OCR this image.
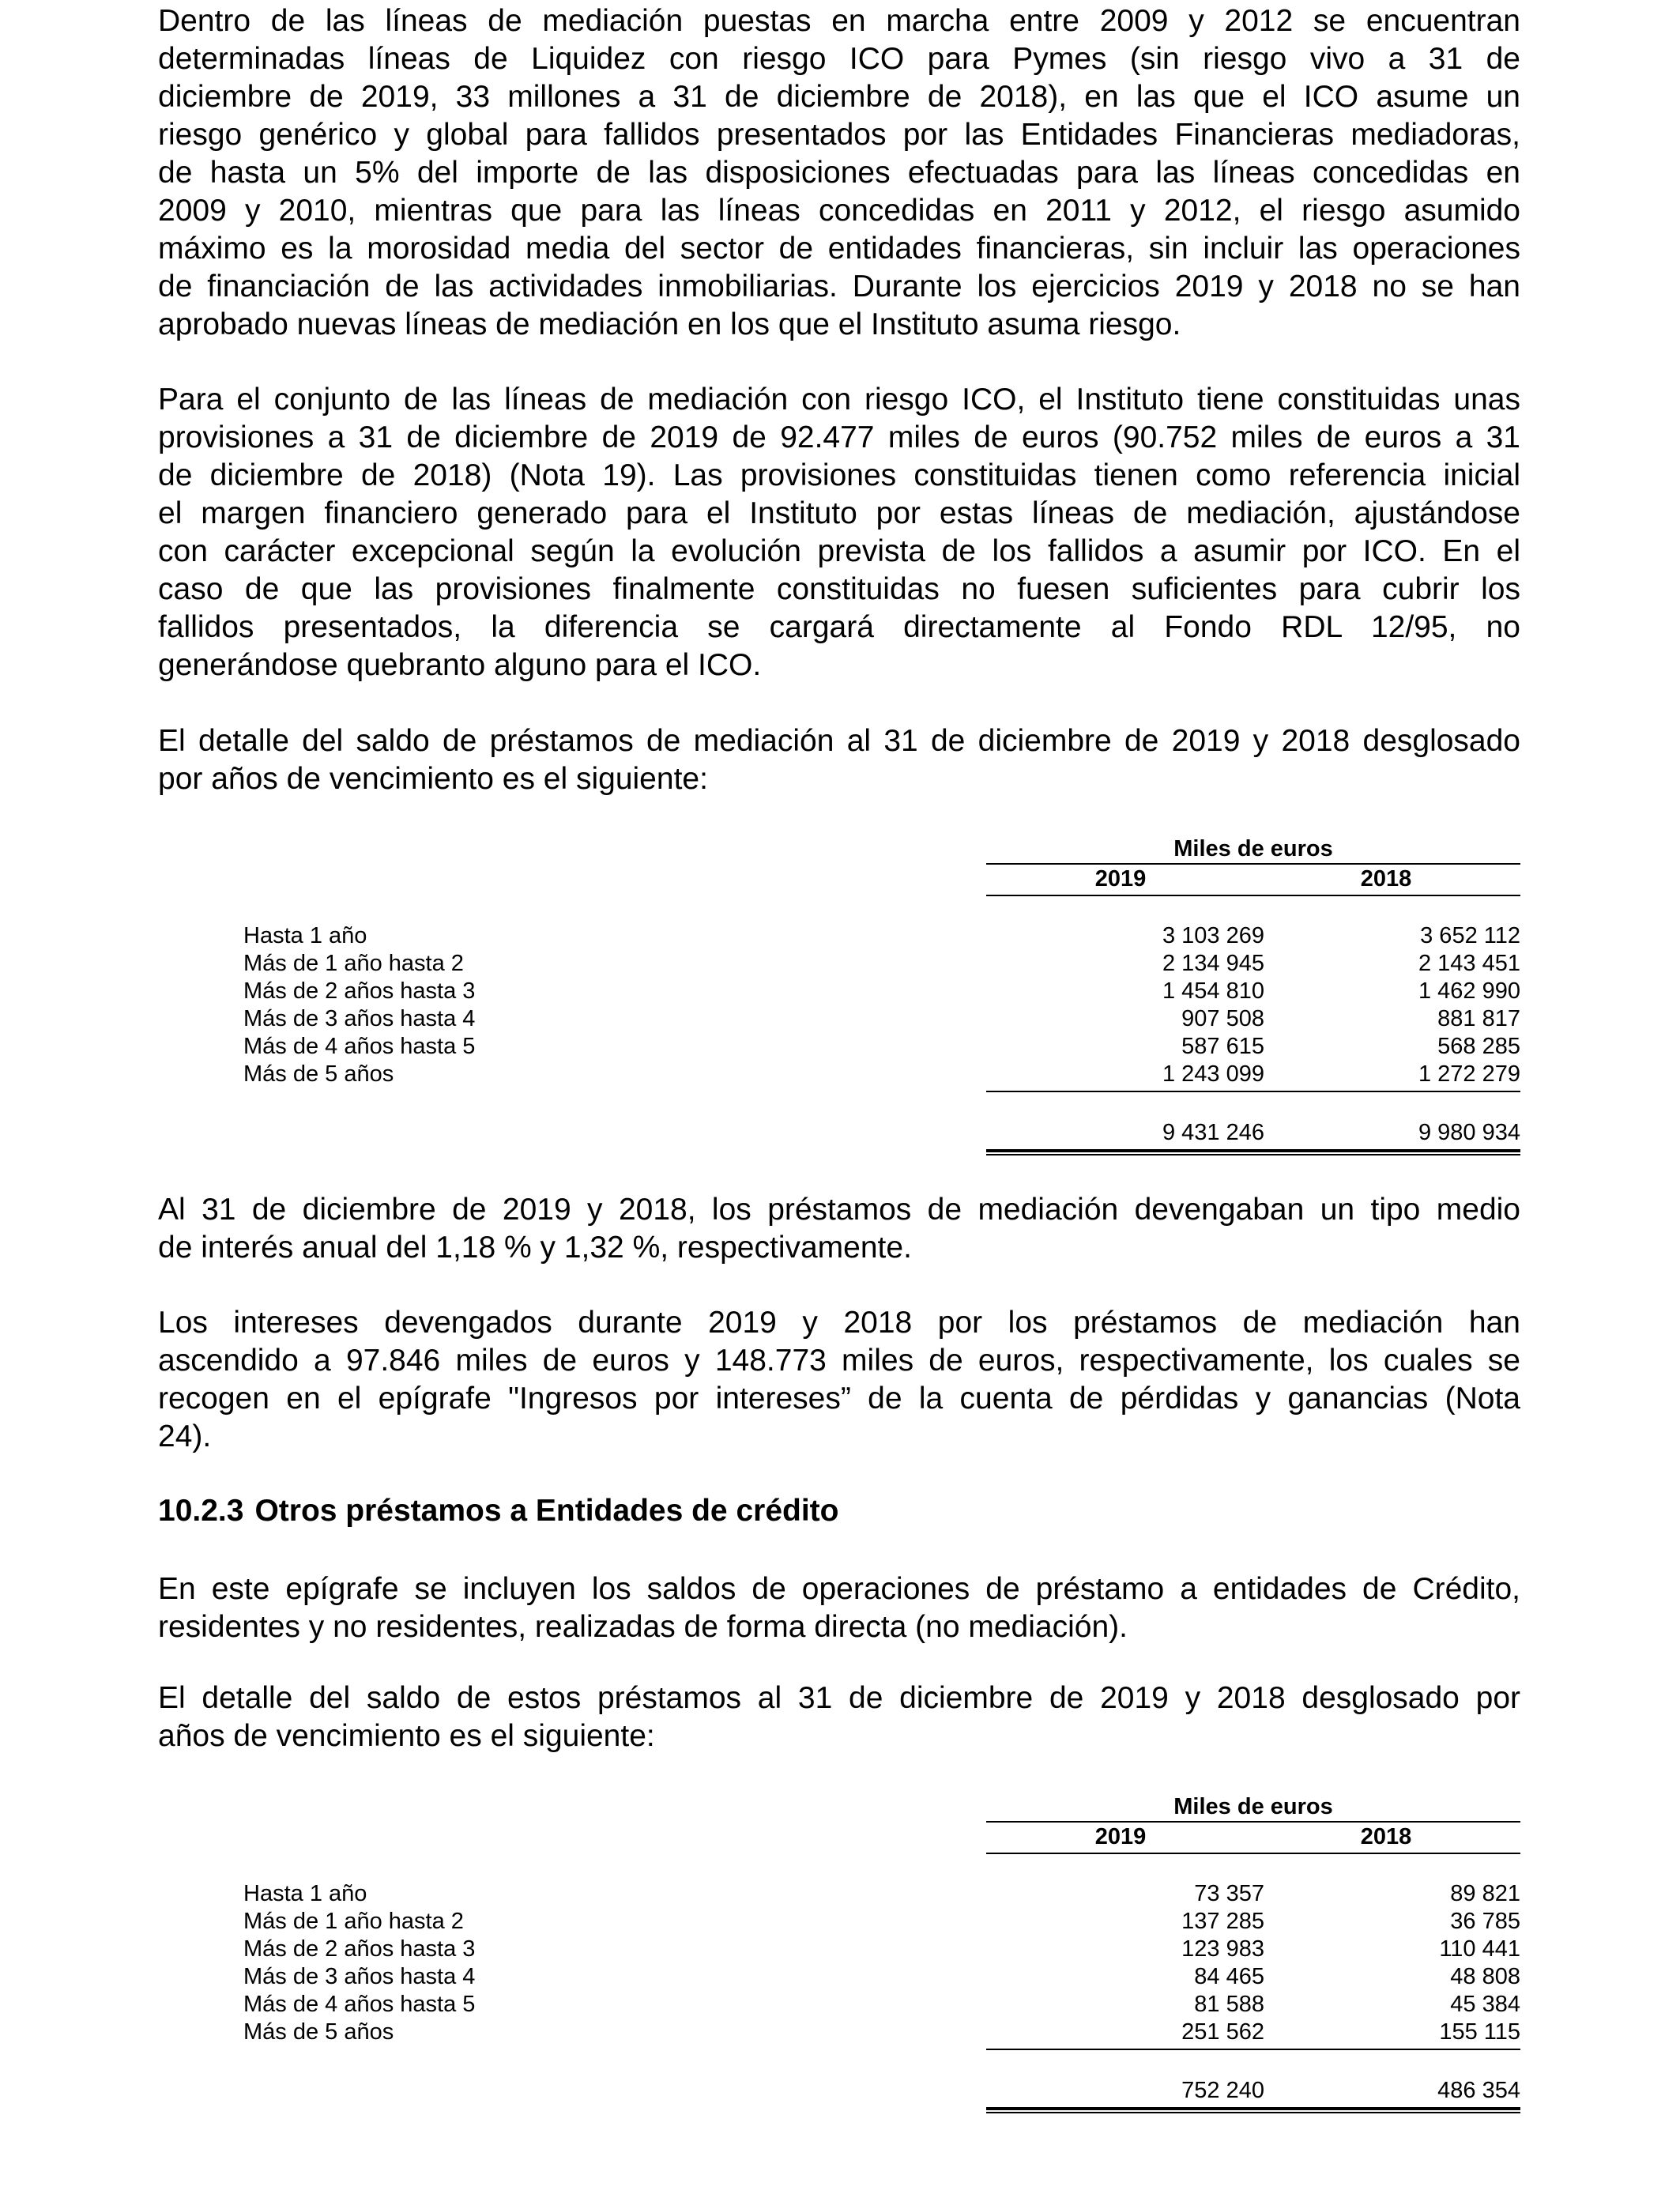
Dentro de las líneas de mediación puestas en marcha entre 2009 y 2012 se encuentran
determinadas líneas de Liquidez con riesgo ICO para Pymes (sin riesgo vivo a 31 de
diciembre de 2019, 33 millones a 31 de diciembre de 2018), en las que el ICO asume un
riesgo genérico y global para fallidos presentados por las Entidades Financieras mediadoras,
de hasta un 5% del importe de las disposiciones efectuadas para las líneas concedidas en
2009 y 2010, mientras que para las líneas concedidas en 2011 y 2012, el riesgo asumido
máximo es la morosidad media del sector de entidades financieras, sin incluir las operaciones
de financiación de las actividades inmobiliarias. Durante los ejercicios 2019 y 2018 no se han
aprobado nuevas líneas de mediación en los que el Instituto asuma riesgo.
Para el conjunto de las líneas de mediación con riesgo ICO, el Instituto tiene constituidas unas
provisiones a 31 de diciembre de 2019 de 92.477 miles de euros (90.752 miles de euros a 31
de diciembre de 2018) (Nota 19). Las provisiones constituidas tienen como referencia inicial
el margen financiero generado para el Instituto por estas líneas de mediación, ajustándose
con carácter excepcional según la evolución prevista de los fallidos a asumir por ICO. En el
caso de que las provisiones finalmente constituidas no fuesen suficientes para cubrir los
fallidos presentados, la diferencia se cargará directamente al Fondo RDL 12/95, no
generándose quebranto alguno para el ICO.
El detalle del saldo de préstamos de mediación al 31 de diciembre de 2019 y 2018 desglosado
por años de vencimiento es el siguiente:
Miles de euros
2019	2018
Hasta 1 año	3 103 269	3 652 112
Más de 1 año hasta 2	2 134 945	2 143 451
Más de 2 años hasta 3	1 454 810	1 462 990
Más de 3 años hasta 4	907 508	881 817
Más de 4 años hasta 5	587 615	568 285
Más de 5 años	1 243 099	1 272 279
9 431 246	9 980 934
Al 31 de diciembre de 2019 y 2018, los préstamos de mediación devengaban un tipo medio
de interés anual del 1,18 % y 1,32 %, respectivamente.
Los intereses devengados durante 2019 y 2018 por los préstamos de mediación han
ascendido a 97.846 miles de euros y 148.773 miles de euros, respectivamente, los cuales se
recogen en el epígrafe "Ingresos por intereses” de la cuenta de pérdidas y ganancias (Nota
24).
10.2.3 Otros préstamos a Entidades de crédito
En este epígrafe se incluyen los saldos de operaciones de préstamo a entidades de Crédito,
residentes y no residentes, realizadas de forma directa (no mediación).
El detalle del saldo de estos préstamos al 31 de diciembre de 2019 y 2018 desglosado por
años de vencimiento es el siguiente:
Miles de euros
2019	2018
Hasta 1 año	73 357	89 821
Más de 1 año hasta 2	137 285	36 785
Más de 2 años hasta 3	123 983	110 441
Más de 3 años hasta 4	84 465	48 808
Más de 4 años hasta 5	81 588	45 384
Más de 5 años	251 562	155 115
752 240	486 354
